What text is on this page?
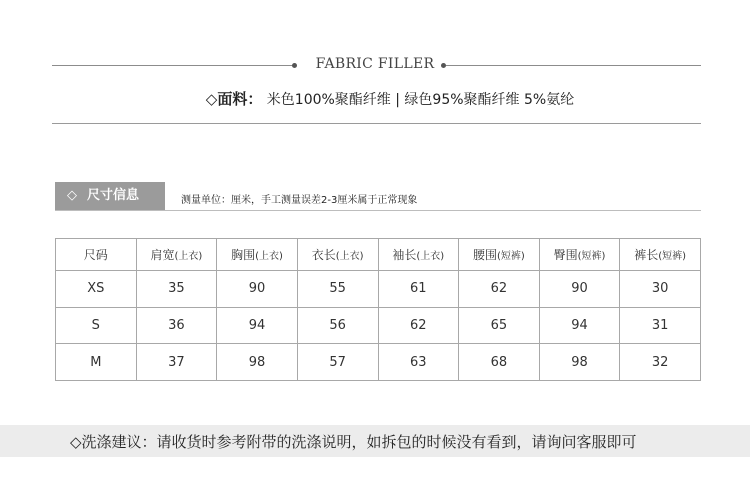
FABRIC FILLER
◇面料： 米色100%聚酯纤维 | 绿色95%聚酯纤维 5%氨纶
◇ 尺寸信息	测量单位：厘米，手工测量误差2-3厘米属于正常现象
尺码	肩宽(上衣)	胸围(上衣)	衣长(上衣)	袖长(上衣)	腰围(短裤)	臀围(短裤)	裤长(短裤)
XS	35	90	55	61	62	90	30
S	36	94	56	62	65	94	31
M	37	98	57	63	68	98	32
◇洗涤建议：请收货时参考附带的洗涤说明，如拆包的时候没有看到，请询问客服即可
